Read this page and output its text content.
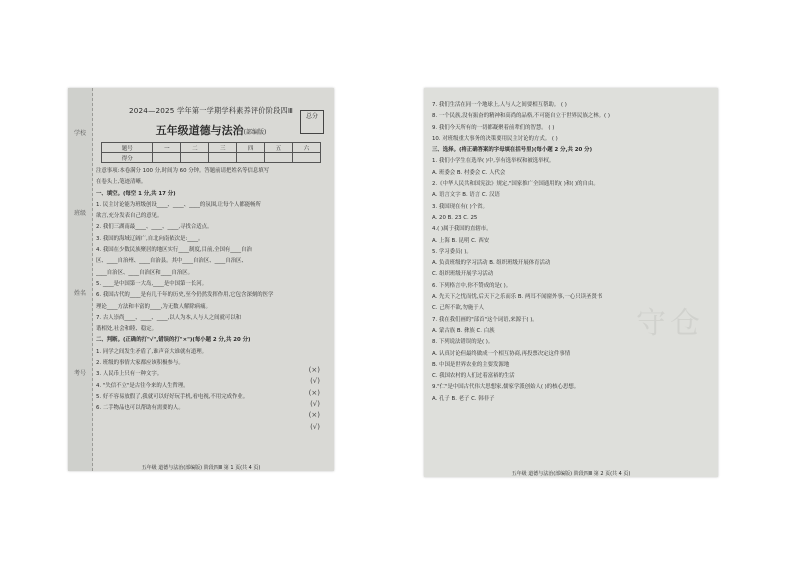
学校
班级
姓名
考号
2024—2025 学年第一学期学科素养评价阶段四Ⅲ
总分
五年级道德与法治(部编版)
题号	一	二	三	四	五	六
得分						
注意事项:本卷满分 100 分,时间为 60 分钟。答题前请把姓名等信息填写
在卷头上,笔迹清晰。
一、填空。(每空 1 分,共 17 分)
1. 民主讨论能为班级创设____、____、____的氛围,让每个人都能畅所
欲言,充分发表自己的意见。
2. 我们三湖南最____、____、____,寻找合适点。
3. 我国的海域辽阔广,自北向南依次是:____。
4. 我国在少数民族聚居的地区实行____制度,目前,全国有____自治
区、____自治州、____自治县。其中____自治区、____自治区、
____自治区、____自治区和____自治区。
5. ____是中国第一大岛,____是中国第一长河。
6. 我国古代的____是有几千年的历史,至今仍然发挥作用,它包含深刻的医学
理论____方法和丰富的____,为无数人解除病痛。
7. 古人崇尚____、____、____,以人为本,人与人之间就可以和
谐相处,社会和睦、稳定。
二、判断。(正确的打"√",错误的打"×")(每小题 2 分,共 20 分)
1. 同学之间发生矛盾了,谁声音大谁就有道理。
2. 班级的事情大家都应该积极参与。
3. 人民币上只有一种文字。
4. "失信不立"是古往今来的人生哲理。
5. 好不容易放假了,我就可以好好玩手机,看电视,不用完成作业。
6. 二手物品也可以帮助有需要的人。
(×)
(√)
(×)
(√)
(×)
(√)
五年级 道德与法治(部编版) 阶段四Ⅲ 第 1 页(共 4 页)
守仓
7. 我们生活在同一个地球上,人与人之间要相互帮助。 ( )
8. 一个民族,没有振奋的精神和高尚的品格,不可能自立于世界民族之林。( )
9. 我们今天所有的一切都凝聚着前辈们的智慧。 ( )
10. 对班级重大事务的决策要用民主讨论的方式。 ( )
三、选择。(将正确答案的字母填在括号里)(每小题 2 分,共 20 分)
1. 我们小学生在选举( )中,享有选举权和被选举权。
A. 班委会 B. 村委会 C. 人代会
2.《中华人民共和国宪法》规定,"国家推广全国通用的( )和( )的自由。
A. 语言文字 B. 语言 C. 汉语
3. 我国现在有( )个省。
A. 20 B. 23 C. 25
4.( )属于我国的直辖市。
A. 上海 B. 昆明 C. 西安
5. 学习委员( )。
A. 负责班级的学习活动 B. 组织班级开展体育活动
C. 组织班级开展学习活动
6. 下列格言中,你不赞成的是( )。
A. 先天下之忧而忧,后天下之乐而乐 B. 两耳不闻窗外事,一心只读圣贤书
C. 己所不欲,勿施于人
7. 我在我们画的"部首"这个词语,来源于( )。
A. 蒙古族 B. 彝族 C. 白族
8. 下列说法错误的是( )。
A. 认真讨论但最终做成一个相互协商,再投票决定这件事情
B. 中国是世界农业的主要发源地
C. 我国农村的人们过着富裕的生活
9."仁"是中国古代伟大思想家,儒家学派创始人( )的核心思想。
A. 孔子 B. 老子 C. 韩非子
五年级 道德与法治(部编版) 阶段四Ⅲ 第 2 页(共 4 页)
